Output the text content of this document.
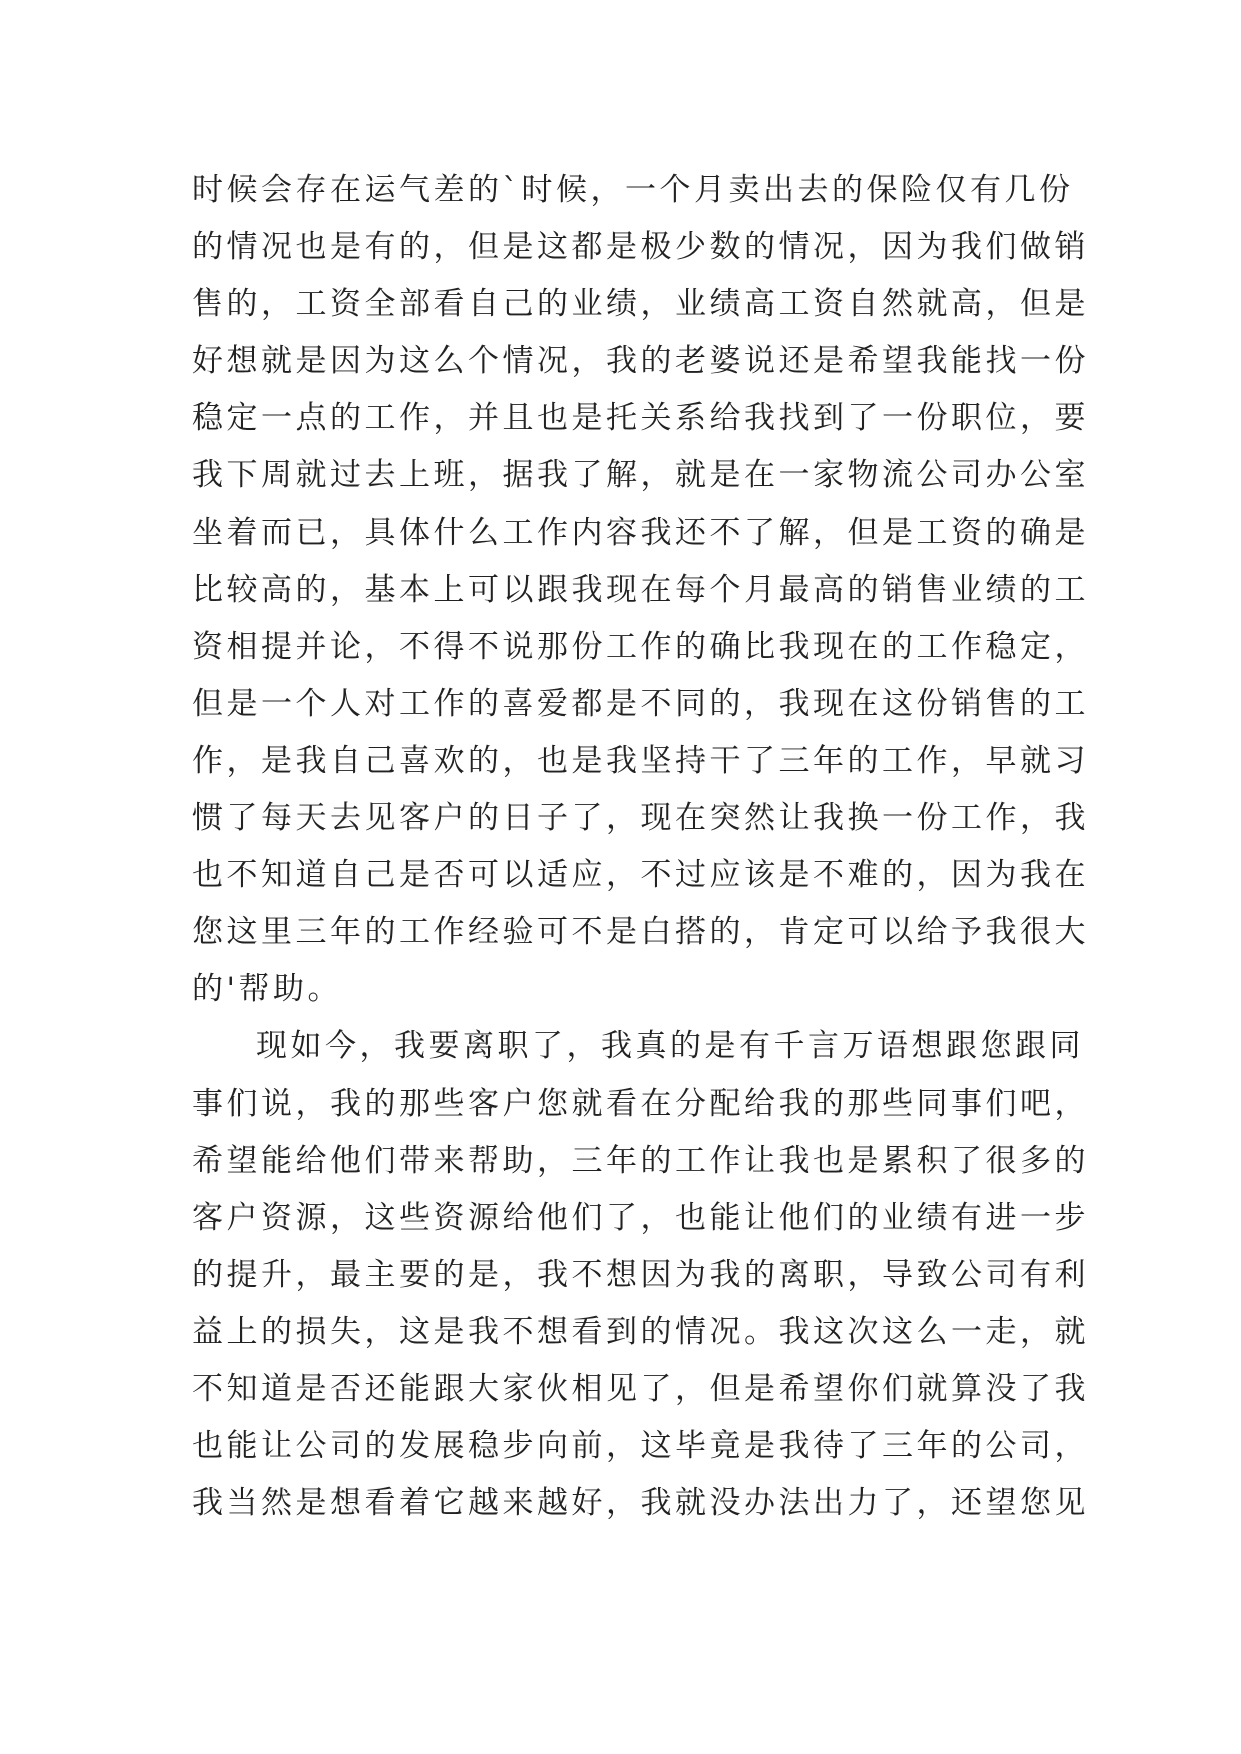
时候会存在运气差的`时候，一个月卖出去的保险仅有几份
的情况也是有的，但是这都是极少数的情况，因为我们做销
售的，工资全部看自己的业绩，业绩高工资自然就高，但是
好想就是因为这么个情况，我的老婆说还是希望我能找一份
稳定一点的工作，并且也是托关系给我找到了一份职位，要
我下周就过去上班，据我了解，就是在一家物流公司办公室
坐着而已，具体什么工作内容我还不了解，但是工资的确是
比较高的，基本上可以跟我现在每个月最高的销售业绩的工
资相提并论，不得不说那份工作的确比我现在的工作稳定，
但是一个人对工作的喜爱都是不同的，我现在这份销售的工
作，是我自己喜欢的，也是我坚持干了三年的工作，早就习
惯了每天去见客户的日子了，现在突然让我换一份工作，我
也不知道自己是否可以适应，不过应该是不难的，因为我在
您这里三年的工作经验可不是白搭的，肯定可以给予我很大
的'帮助。
现如今，我要离职了，我真的是有千言万语想跟您跟同
事们说，我的那些客户您就看在分配给我的那些同事们吧，
希望能给他们带来帮助，三年的工作让我也是累积了很多的
客户资源，这些资源给他们了，也能让他们的业绩有进一步
的提升，最主要的是，我不想因为我的离职，导致公司有利
益上的损失，这是我不想看到的情况。我这次这么一走，就
不知道是否还能跟大家伙相见了，但是希望你们就算没了我
也能让公司的发展稳步向前，这毕竟是我待了三年的公司，
我当然是想看着它越来越好，我就没办法出力了，还望您见
